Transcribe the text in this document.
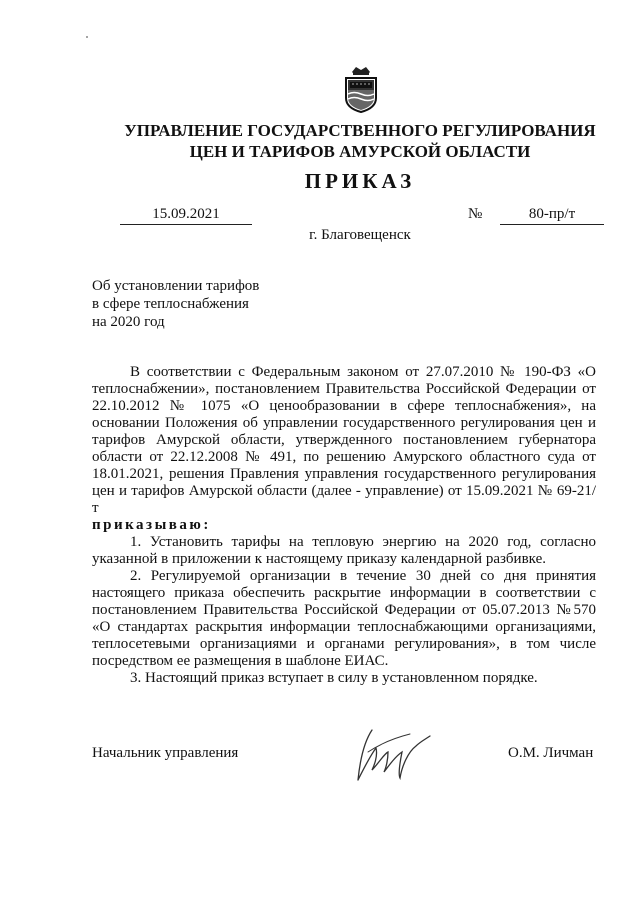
УПРАВЛЕНИЕ ГОСУДАРСТВЕННОГО РЕГУЛИРОВАНИЯ
ЦЕН И ТАРИФОВ АМУРСКОЙ ОБЛАСТИ
ПРИКАЗ
15.09.2021	№	80-пр/т
г. Благовещенск
Об установлении тарифов
в сфере теплоснабжения
на 2020 год

В соответствии с Федеральным законом от 27.07.2010 № 190-ФЗ «О теплоснабжении», постановлением Правительства Российской Федерации от 22.10.2012 № 1075 «О ценообразовании в сфере теплоснабжения», на основании Положения об управлении государственного регулирования цен и тарифов Амурской области, утвержденного постановлением губернатора области от 22.12.2008 № 491, по решению Амурского областного суда от 18.01.2021, решения Правления управления государственного регулирования цен и тарифов Амурской области (далее - управление) от 15.09.2021 № 69-21/т

приказываю:

1. Установить тарифы на тепловую энергию на 2020 год, согласно указанной в приложении к настоящему приказу календарной разбивке.

2. Регулируемой организации в течение 30 дней со дня принятия настоящего приказа обеспечить раскрытие информации в соответствии с постановлением Правительства Российской Федерации от 05.07.2013 №570 «О стандартах раскрытия информации теплоснабжающими организациями, теплосетевыми организациями и органами регулирования», в том числе посредством ее размещения в шаблоне ЕИАС.

3. Настоящий приказ вступает в силу в установленном порядке.

Начальник управления	О.М. Личман
